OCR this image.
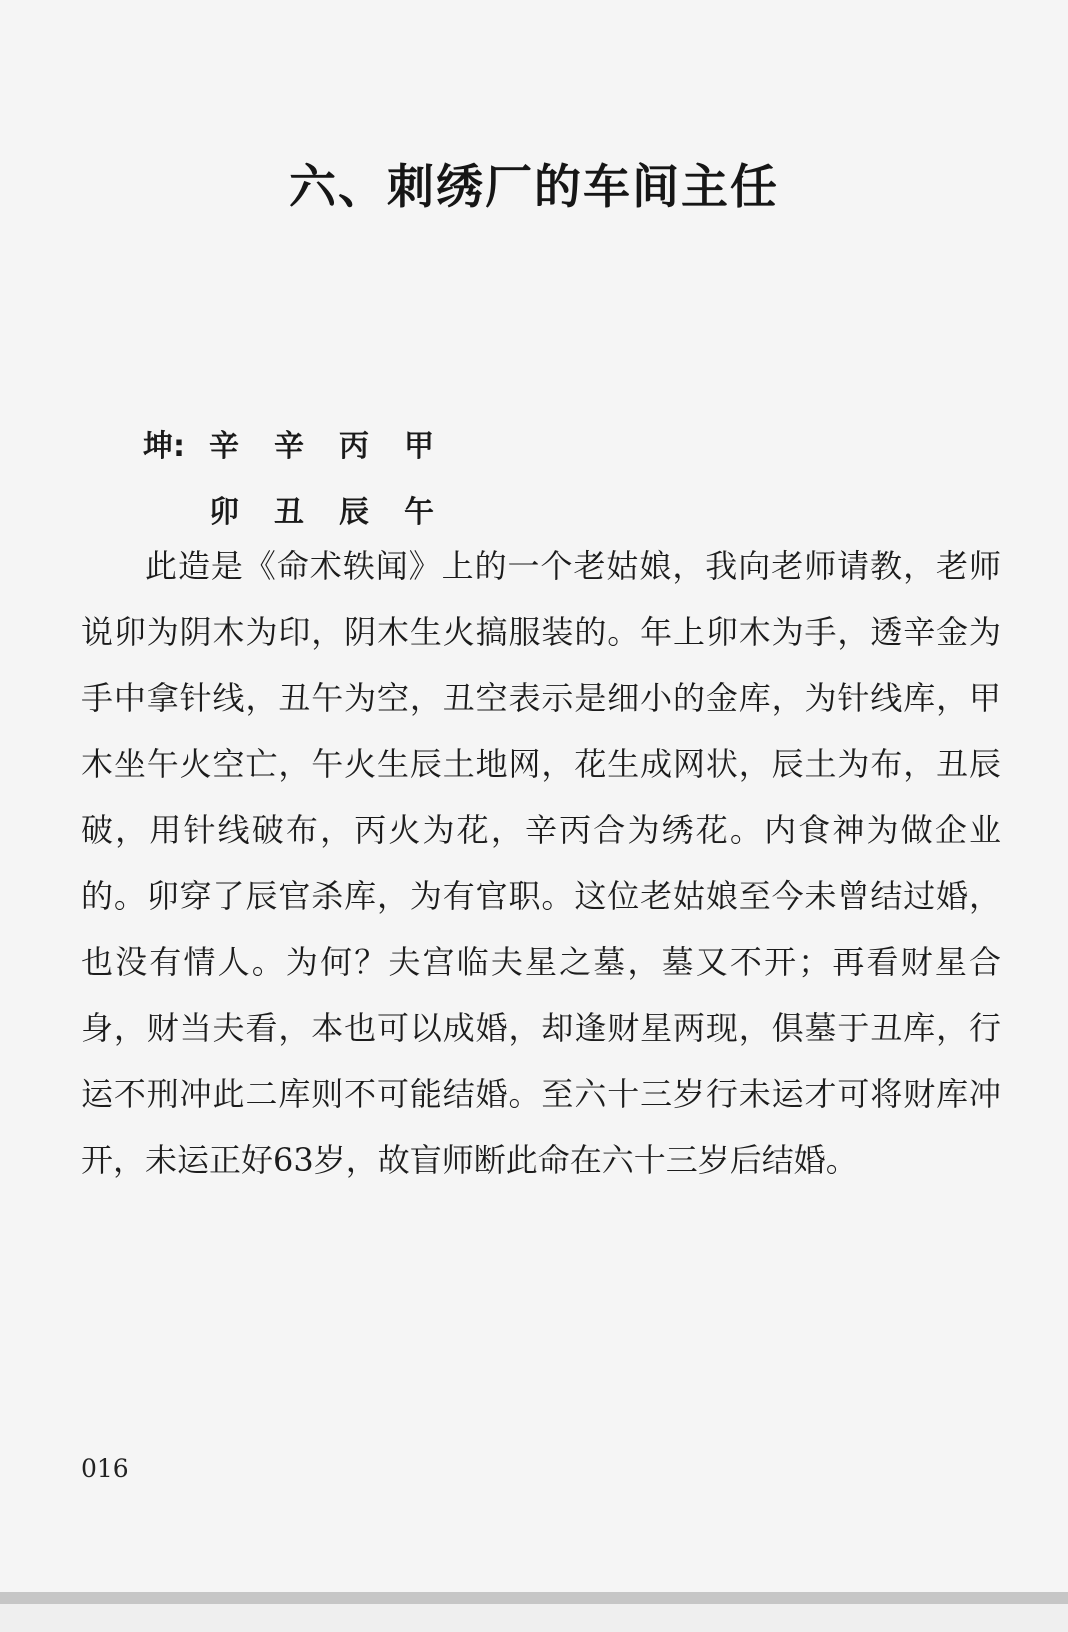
六、刺绣厂的车间主任
坤: 辛	辛	丙	甲
卯	丑	辰	午
此造是《命术轶闻》上的一个老姑娘，我向老师请教，老师
说卯为阴木为印，阴木生火搞服装的。年上卯木为手，透辛金为
手中拿针线，丑午为空，丑空表示是细小的金库，为针线库，甲
木坐午火空亡，午火生辰土地网，花生成网状，辰土为布，丑辰
破，用针线破布，丙火为花，辛丙合为绣花。内食神为做企业
的。卯穿了辰官杀库，为有官职。这位老姑娘至今未曾结过婚，
也没有情人。为何？夫宫临夫星之墓，墓又不开；再看财星合
身，财当夫看，本也可以成婚，却逢财星两现，俱墓于丑库，行
运不刑冲此二库则不可能结婚。至六十三岁行未运才可将财库冲
开，未运正好63岁，故盲师断此命在六十三岁后结婚。
016
